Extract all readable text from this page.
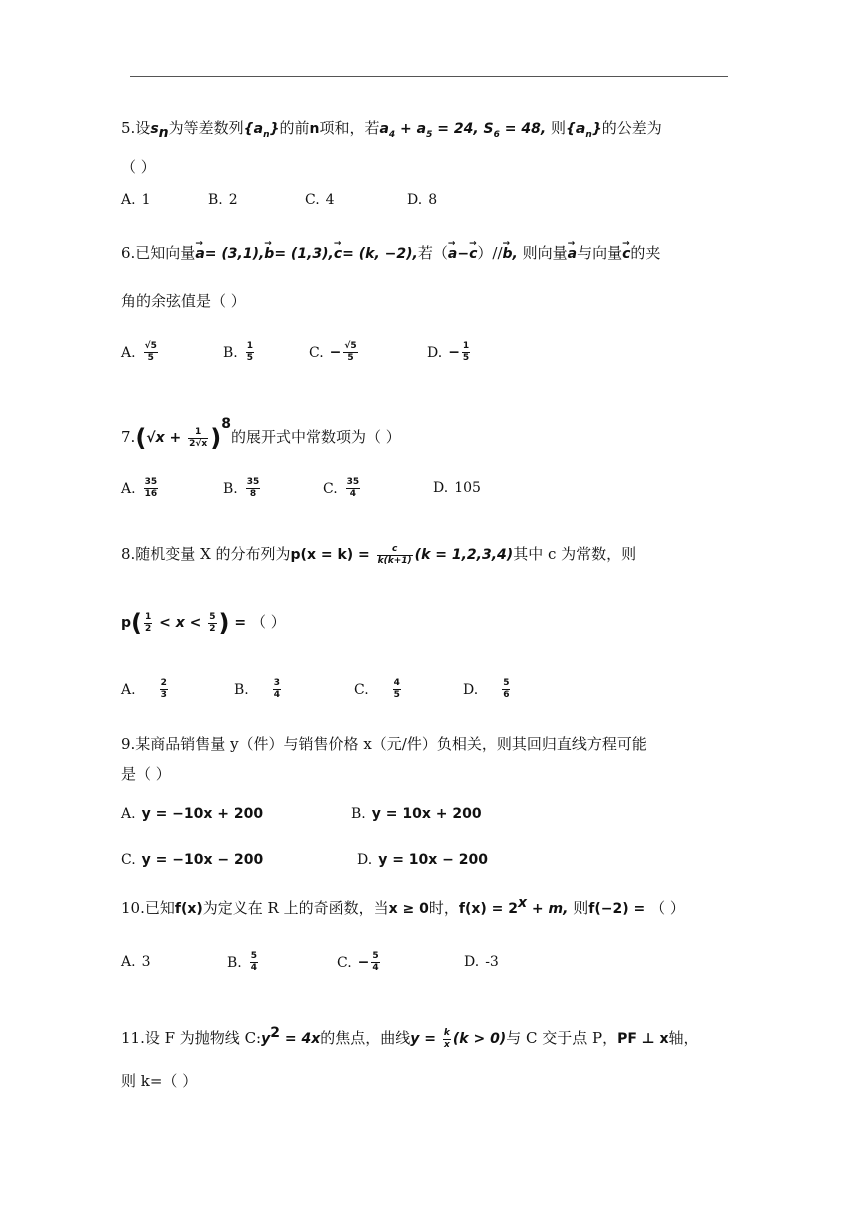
5.设$s_n$为等差数列$\{a_n\}$的前n项和，若$a_4 + a_5 = 24$, $S_6 = 48$, 则$\{a_n\}$的公差为
（ ）
A. 1	B. 2	C. 4	D. 8
6.已知向量→ a= (3,1),→ b= (1,3),→ c= (k, −2),若（→ a−→ c）//→ b, 则向量→ a与向量→ c的夹
角的余弦值是（ ）
A. $\frac{√5}{5}$	B. $\frac{1}{5}$	C. − $\frac{√5}{5}$	D. − $\frac{1}{5}$
$7.(√x + \frac{1}{2√x} )^8$的展开式中常数项为（ ）
A. $\frac{35}{16}$	B. $\frac{35}{8}$	C. $\frac{35}{4}$	D. 105
8.随机变量 X 的分布列为$p(x = k) = \frac{c}{k(k+1)} (k = 1,2,3,4)$其中 c 为常数，则
$p( \frac{1}{2} < x < \frac{5}{2}$ ) = （ ）
A.	$\frac{2}{3}$	B.	$\frac{3}{4}$	C.	$\frac{4}{5}$	D.	$\frac{5}{6}$
9.某商品销售量 y（件）与销售价格 x（元/件）负相关，则其回归直线方程可能
是（ ）
A. y = −10x + 200	B. y = 10x + 200
C. y = −10x − 200	D. y = 10x − 200
10.已知f(x)为定义在 R 上的奇函数，当x ≥ 0时，$f(x) = 2^x + m$, 则f(−2) = （ ）
A. 3	B. $\frac{5}{4}$	C. − $\frac{5}{4}$	D. -3
11.设 F 为抛物线 $C:y^2 = 4x$的焦点，曲线$y = \frac{k}{x} (k > 0)$与 C 交于点 P，PF ⊥ x轴，
则 k=（ ）
